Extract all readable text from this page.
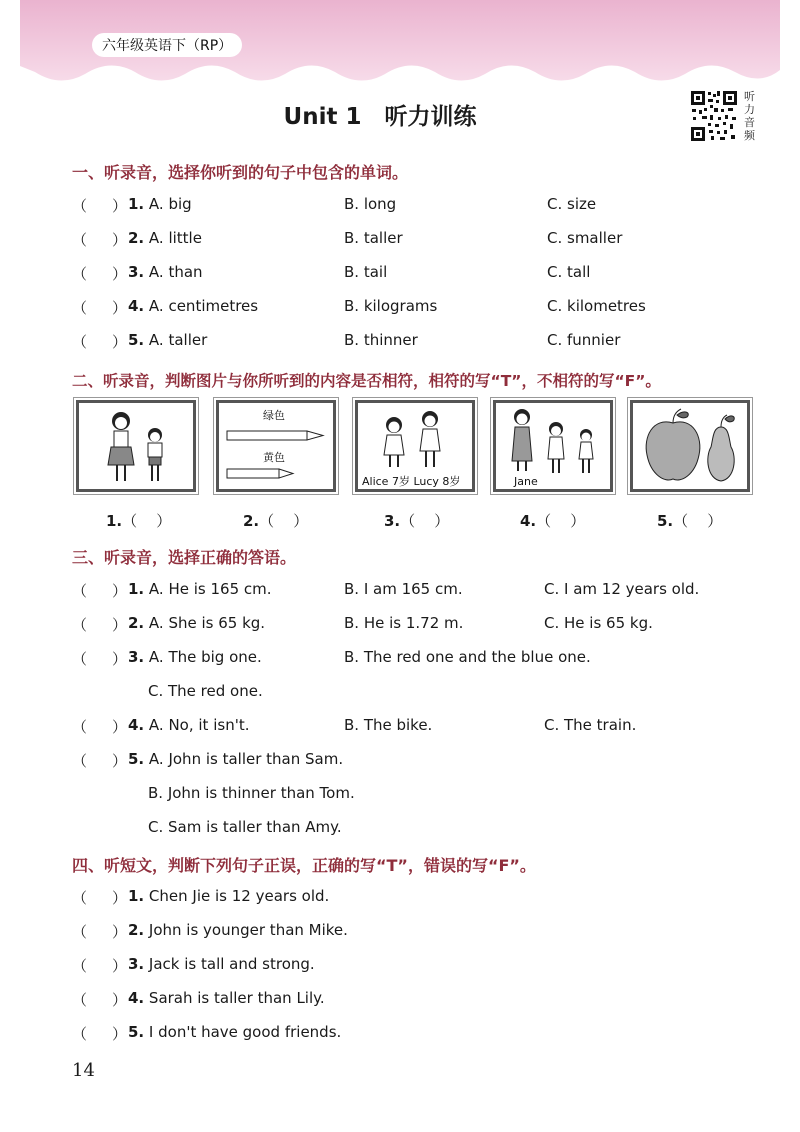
六年级英语下（RP）
Unit 1　听力训练
听
力
音
频
一、听录音，选择你听到的句子中包含的单词。
（ ） 1. A. big	B. long	C. size
（ ） 2. A. little	B. taller	C. smaller
（ ） 3. A. than	B. tail	C. tall
（ ） 4. A. centimetres	B. kilograms	C. kilometres
（ ） 5. A. taller	B. thinner	C. funnier
二、听录音，判断图片与你所听到的内容是否相符，相符的写“T”，不相符的写“F”。
绿色
黄色
Alice 7岁 Lucy 8岁	Jane
1.（ ）	2.（ ）	3.（ ）	4.（ ）	5.（ ）
三、听录音，选择正确的答语。
（ ） 1. A. He is 165 cm.	B. I am 165 cm.	C. I am 12 years old.
（ ） 2. A. She is 65 kg.	B. He is 1.72 m.	C. He is 65 kg.
（ ） 3. A. The big one.	B. The red one and the blue one.
C. The red one.
（ ） 4. A. No, it isn't.	B. The bike.	C. The train.
（ ） 5. A. John is taller than Sam.
B. John is thinner than Tom.
C. Sam is taller than Amy.
四、听短文，判断下列句子正误，正确的写“T”，错误的写“F”。
（ ） 1. Chen Jie is 12 years old.
（ ） 2. John is younger than Mike.
（ ） 3. Jack is tall and strong.
（ ） 4. Sarah is taller than Lily.
（ ） 5. I don't have good friends.
14
